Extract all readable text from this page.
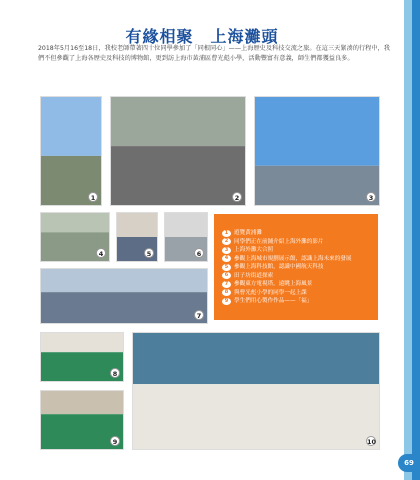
有緣相聚　上海灘頭

2018年5月16至18日，我校老師帶著四十位同學參加了「同根同心」——上海歷史及科技交流之旅。在這三天緊湊的行程中，我們不但參觀了上海各歷史及科技的博物館，更到訪上海市黃浦區曹光彪小學，活動豐富有意義，師生們都獲益良多。

1	2	3
4	5	6
7
8
9	10
1	遊覽黃浦灘
2	同學們正在前鋪介紹上海外灘的影片
3	上海外灘大合照
4	參觀上海城市規劃展示館，認識上海未來的發展
5	參觀上海科技館，認識中國航天科技
6	田子坊街道探索
7	參觀東方電視塔，遠眺上海風景
8	與曹光彪小學的同學一起上課
9	學生們用心製作作品——「福」
69
